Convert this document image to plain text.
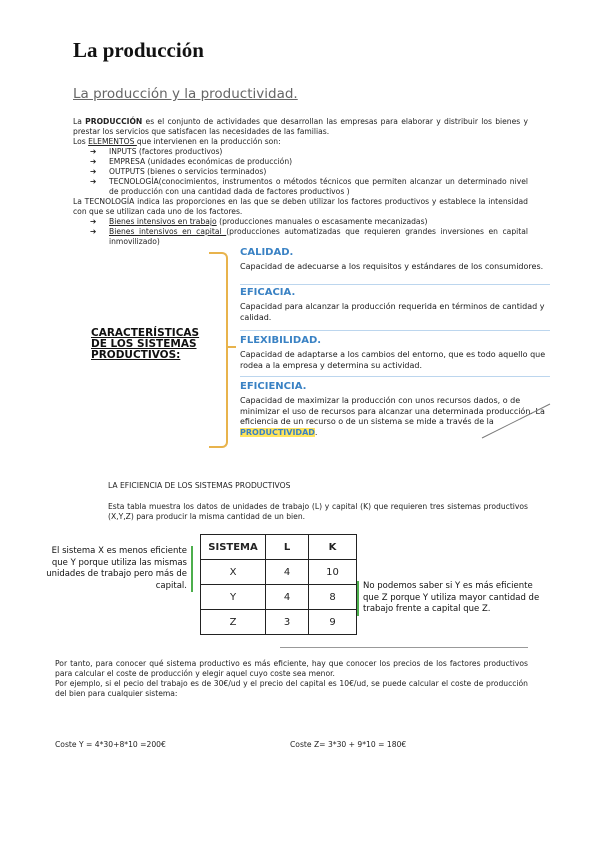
La producción
La producción y la productividad.
La PRODUCCIÓN es el conjunto de actividades que desarrollan las empresas para elaborar y distribuir los bienes y prestar los servicios que satisfacen las necesidades de las familias.
Los ELEMENTOS que intervienen en la producción son:
➔ INPUTS (factores productivos)
➔ EMPRESA (unidades económicas de producción)
➔ OUTPUTS (bienes o servicios terminados)
➔ TECNOLOGÍA(conocimientos, instrumentos o métodos técnicos que permiten alcanzar un determinado nivel de producción con una cantidad dada de factores productivos )
La TECNOLOGÍA indica las proporciones en las que se deben utilizar los factores productivos y establece la intensidad con que se utilizan cada uno de los factores.
➔ Bienes intensivos en trabajo (producciones manuales o escasamente mecanizadas)
➔ Bienes intensivos en capital (producciones automatizadas que requieren grandes inversiones en capital inmovilizado)
CARACTERÍSTICAS DE LOS SISTEMAS PRODUCTIVOS:
CALIDAD.
Capacidad de adecuarse a los requisitos y estándares de los consumidores.
EFICACIA.
Capacidad para alcanzar la producción requerida en términos de cantidad y calidad.
FLEXIBILIDAD.
Capacidad de adaptarse a los cambios del entorno, que es todo aquello que rodea a la empresa y determina su actividad.
EFICIENCIA.
Capacidad de maximizar la producción con unos recursos dados, o de minimizar el uso de recursos para alcanzar una determinada producción. La eficiencia de un recurso o de un sistema se mide a través de la PRODUCTIVIDAD.
LA EFICIENCIA DE LOS SISTEMAS PRODUCTIVOS
Esta tabla muestra los datos de unidades de trabajo (L) y capital (K) que requieren tres sistemas productivos (X,Y,Z) para producir la misma cantidad de un bien.
El sistema X es menos eficiente que Y porque utiliza las mismas unidades de trabajo pero más de capital.
SISTEMA	L	K
X	4	10
Y	4	8
Z	3	9
No podemos saber si Y es más eficiente que Z porque Y utiliza mayor cantidad de trabajo frente a capital que Z.
Por tanto, para conocer qué sistema productivo es más eficiente, hay que conocer los precios de los factores productivos para calcular el coste de producción y elegir aquel cuyo coste sea menor.
Por ejemplo, si el pecio del trabajo es de 30€/ud y el precio del capital es 10€/ud, se puede calcular el coste de producción del bien para cualquier sistema:
Coste Y = 4*30+8*10 =200€	Coste Z= 3*30 + 9*10 = 180€
